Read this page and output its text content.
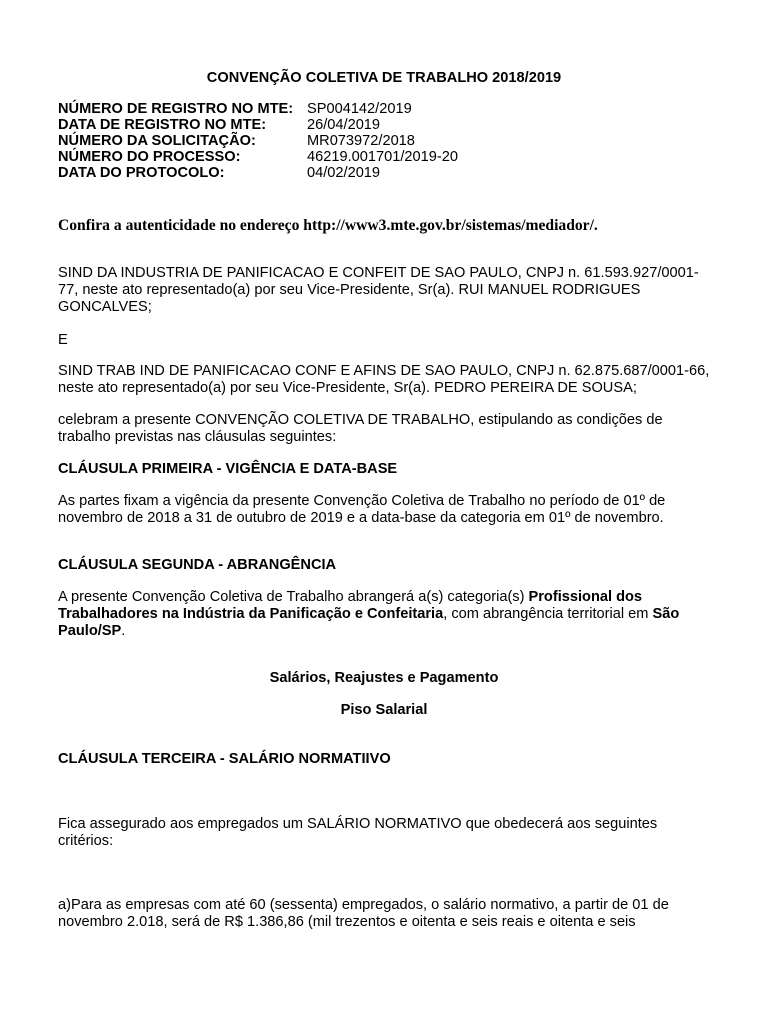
CONVENÇÃO COLETIVA DE TRABALHO 2018/2019
NÚMERO DE REGISTRO NO MTE: SP004142/2019
DATA DE REGISTRO NO MTE:	26/04/2019
NÚMERO DA SOLICITAÇÃO:	MR073972/2018
NÚMERO DO PROCESSO:	46219.001701/2019-20
DATA DO PROTOCOLO:	04/02/2019
Confira a autenticidade no endereço http://www3.mte.gov.br/sistemas/mediador/.
SIND DA INDUSTRIA DE PANIFICACAO E CONFEIT DE SAO PAULO, CNPJ n. 61.593.927/0001-77, neste ato representado(a) por seu Vice-Presidente, Sr(a). RUI MANUEL RODRIGUES GONCALVES;
E
SIND TRAB IND DE PANIFICACAO CONF E AFINS DE SAO PAULO, CNPJ n. 62.875.687/0001-66, neste ato representado(a) por seu Vice-Presidente, Sr(a). PEDRO PEREIRA DE SOUSA;
celebram a presente CONVENÇÃO COLETIVA DE TRABALHO, estipulando as condições de trabalho previstas nas cláusulas seguintes:
CLÁUSULA PRIMEIRA - VIGÊNCIA E DATA-BASE
As partes fixam a vigência da presente Convenção Coletiva de Trabalho no período de 01º de novembro de 2018 a 31 de outubro de 2019 e a data-base da categoria em 01º de novembro.
CLÁUSULA SEGUNDA - ABRANGÊNCIA
A presente Convenção Coletiva de Trabalho abrangerá a(s) categoria(s) Profissional dos Trabalhadores na Indústria da Panificação e Confeitaria, com abrangência territorial em São Paulo/SP.
Salários, Reajustes e Pagamento
Piso Salarial
CLÁUSULA TERCEIRA - SALÁRIO NORMATIIVO
Fica assegurado aos empregados um SALÁRIO NORMATIVO que obedecerá aos seguintes critérios:
a)Para as empresas com até 60 (sessenta) empregados, o salário normativo, a partir de 01 de novembro 2.018, será de R$ 1.386,86 (mil trezentos e oitenta e seis reais e oitenta e seis
